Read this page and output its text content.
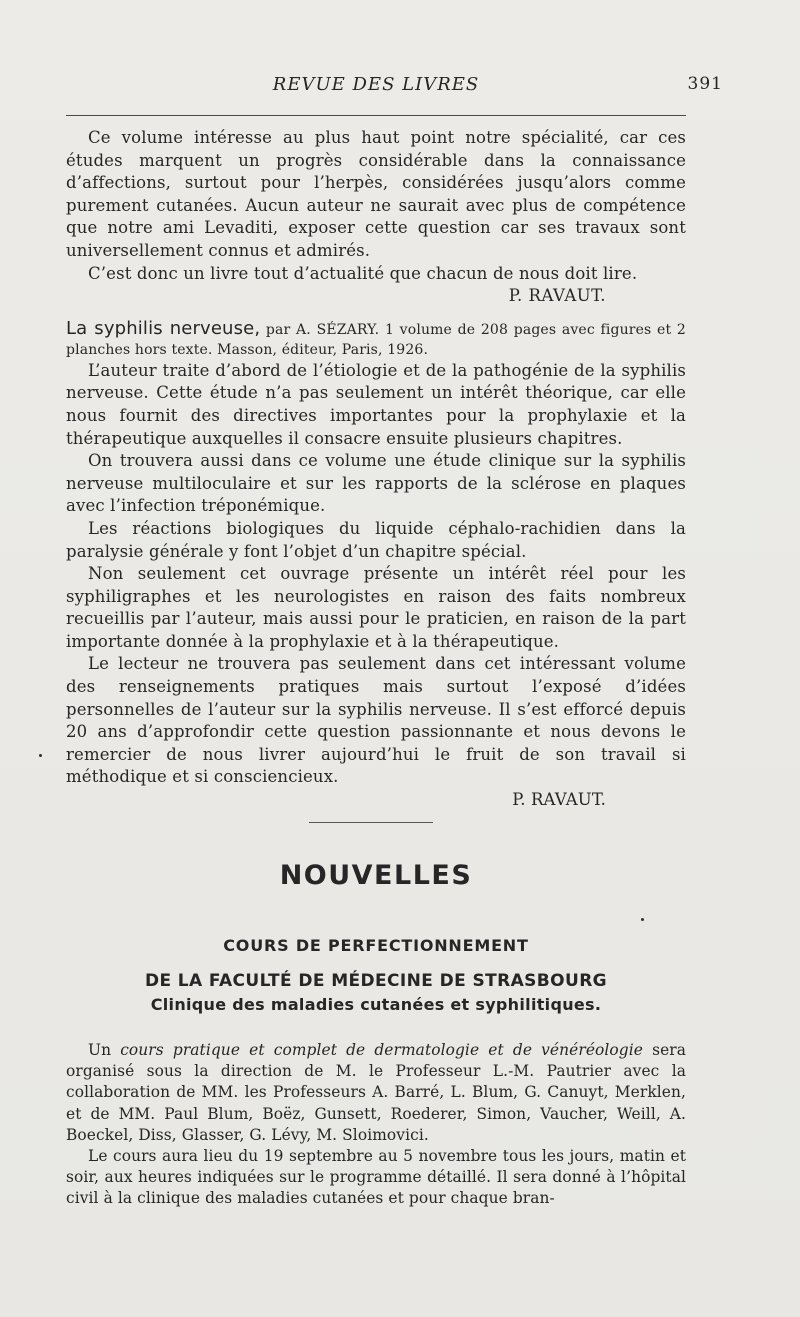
REVUE DES LIVRES	391

Ce volume intéresse au plus haut point notre spécialité, car ces études marquent un progrès considérable dans la connaissance d’affections, surtout pour l’herpès, considérées jusqu’alors comme purement cutanées. Aucun auteur ne saurait avec plus de compétence que notre ami Levaditi, exposer cette question car ses travaux sont universellement connus et admirés.

C’est donc un livre tout d’actualité que chacun de nous doit lire.

P. RAVAUT.

La syphilis nerveuse, par A. SÉZARY. 1 volume de 208 pages avec figures et 2 planches hors texte. Masson, éditeur, Paris, 1926.

L’auteur traite d’abord de l’étiologie et de la pathogénie de la syphilis nerveuse. Cette étude n’a pas seulement un intérêt théorique, car elle nous fournit des directives importantes pour la prophylaxie et la thérapeutique auxquelles il consacre ensuite plusieurs chapitres.

On trouvera aussi dans ce volume une étude clinique sur la syphilis nerveuse multiloculaire et sur les rapports de la sclérose en plaques avec l’infection tréponémique.

Les réactions biologiques du liquide céphalo-rachidien dans la paralysie générale y font l’objet d’un chapitre spécial.

Non seulement cet ouvrage présente un intérêt réel pour les syphiligraphes et les neurologistes en raison des faits nombreux recueillis par l’auteur, mais aussi pour le praticien, en raison de la part importante donnée à la prophylaxie et à la thérapeutique.

Le lecteur ne trouvera pas seulement dans cet intéressant volume des renseignements pratiques mais surtout l’exposé d’idées personnelles de l’auteur sur la syphilis nerveuse. Il s’est efforcé depuis 20 ans d’approfondir cette question passionnante et nous devons le remercier de nous livrer aujourd’hui le fruit de son travail si méthodique et si consciencieux.

P. RAVAUT.
NOUVELLES
COURS DE PERFECTIONNEMENT
DE LA FACULTÉ DE MÉDECINE DE STRASBOURG
Clinique des maladies cutanées et syphilitiques.

Un cours pratique et complet de dermatologie et de vénéréologie sera organisé sous la direction de M. le Professeur L.-M. Pautrier avec la collaboration de MM. les Professeurs A. Barré, L. Blum, G. Canuyt, Merklen, et de MM. Paul Blum, Boëz, Gunsett, Roederer, Simon, Vaucher, Weill, A. Boeckel, Diss, Glasser, G. Lévy, M. Sloimovici.

Le cours aura lieu du 19 septembre au 5 novembre tous les jours, matin et soir, aux heures indiquées sur le programme détaillé. Il sera donné à l’hôpital civil à la clinique des maladies cutanées et pour chaque bran-
